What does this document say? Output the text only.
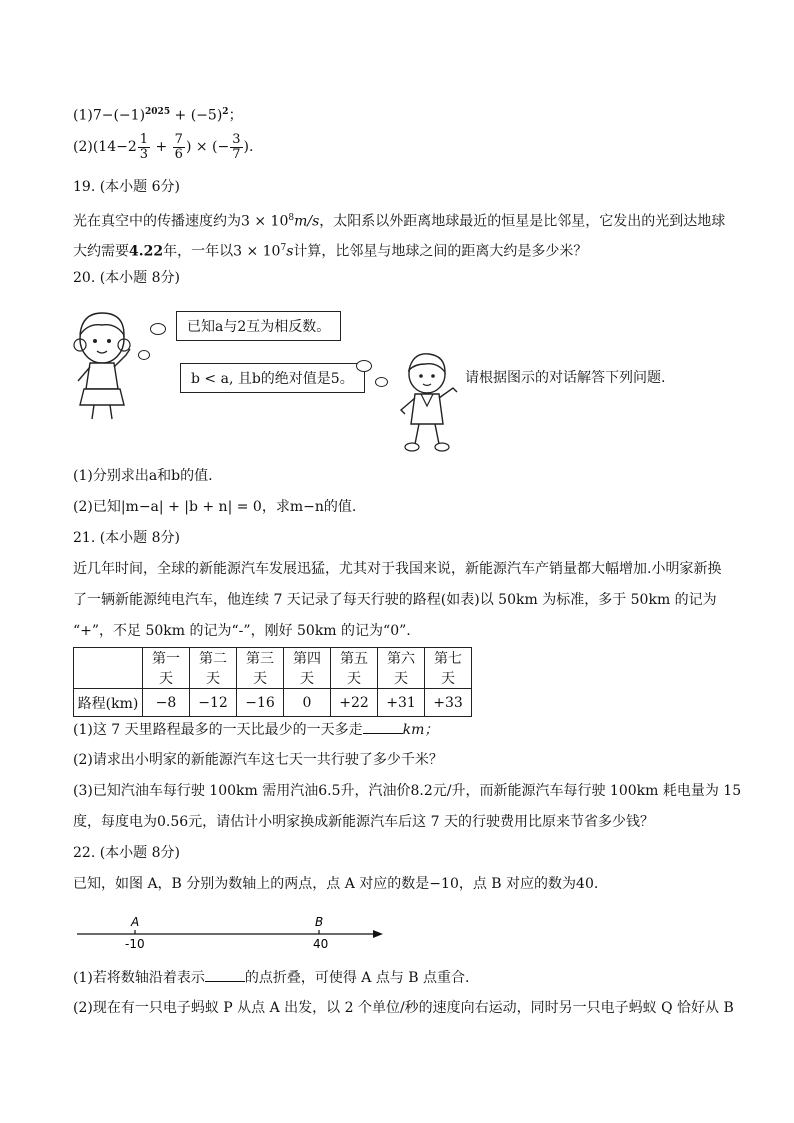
$(1)7-(-1)^{2025} + (-5)^2$；
$(2)(14-2 \frac{1}{3} + \frac{7}{6}$ ) × (− $\frac{3}{7}$ ).
19. (本小题 6分)
光在真空中的传播速度约为$3 \times 10^8m/s$，太阳系以外距离地球最近的恒星是比邻星，它发出的光到达地球
大约需要4.22年，一年以$3 \times 10^7s$计算，比邻星与地球之间的距离大约是多少米？
20. (本小题 8分)
已知a与2互为相反数。
b < a, 且b的绝对值是5。	请根据图示的对话解答下列问题.
(1)分别求出a和b的值.
(2)已知|m−a| + |b + n| = 0，求m−n的值.
21. (本小题 8分)
近几年时间，全球的新能源汽车发展迅猛，尤其对于我国来说，新能源汽车产销量都大幅增加.小明家新换
了一辆新能源纯电汽车，他连续 7 天记录了每天行驶的路程(如表)以 50km 为标准，多于 50km 的记为
“+”，不足 50km 的记为“-”，刚好 50km 的记为“0”.
	第一天	第二天	第三天	第四天	第五天	第六天	第七天
路程(km)	−8	−12	−16	0	+22	+31	+33
(1)这 7 天里路程最多的一天比最少的一天多走	km；
(2)请求出小明家的新能源汽车这七天一共行驶了多少千米？
(3)已知汽油车每行驶 100km 需用汽油6.5升，汽油价8.2元/升，而新能源汽车每行驶 100km 耗电量为 15
度，每度电为0.56元，请估计小明家换成新能源汽车后这 7 天的行驶费用比原来节省多少钱？
22. (本小题 8分)
已知，如图 A，B 分别为数轴上的两点，点 A 对应的数是−10，点 B 对应的数为40.
A
-10
B
40
(1)若将数轴沿着表示	的点折叠，可使得 A 点与 B 点重合.
(2)现在有一只电子蚂蚁 P 从点 A 出发，以 2 个单位/秒的速度向右运动，同时另一只电子蚂蚁 Q 恰好从 B
